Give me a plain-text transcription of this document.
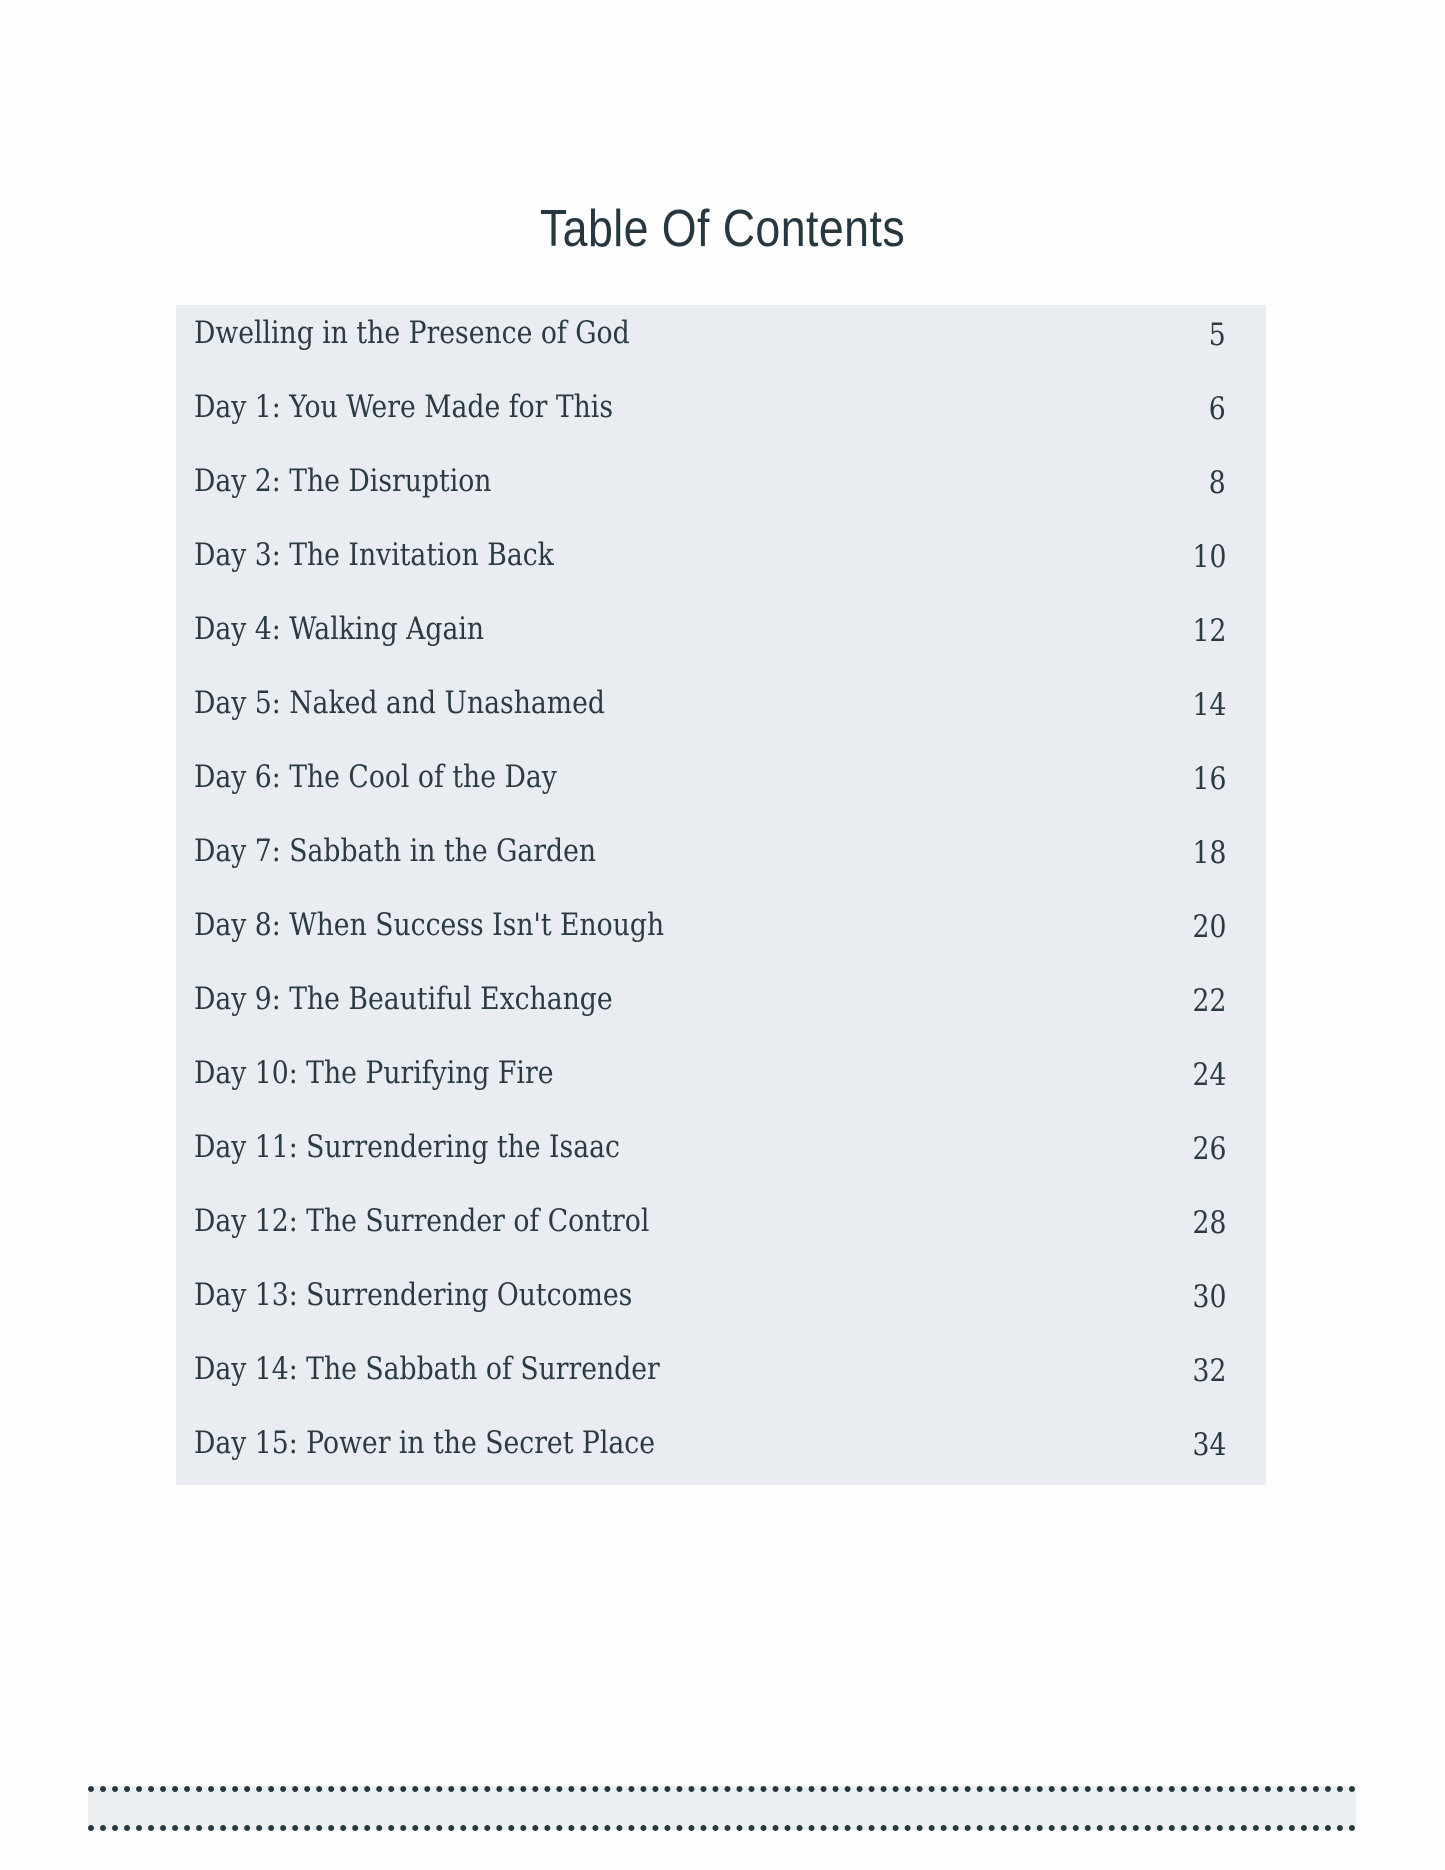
Table Of Contents
Dwelling in the Presence of God	5
Day 1: You Were Made for This	6
Day 2: The Disruption	8
Day 3: The Invitation Back	10
Day 4: Walking Again	12
Day 5: Naked and Unashamed	14
Day 6: The Cool of the Day	16
Day 7: Sabbath in the Garden	18
Day 8: When Success Isn't Enough	20
Day 9: The Beautiful Exchange	22
Day 10: The Purifying Fire	24
Day 11: Surrendering the Isaac	26
Day 12: The Surrender of Control	28
Day 13: Surrendering Outcomes	30
Day 14: The Sabbath of Surrender	32
Day 15: Power in the Secret Place	34
